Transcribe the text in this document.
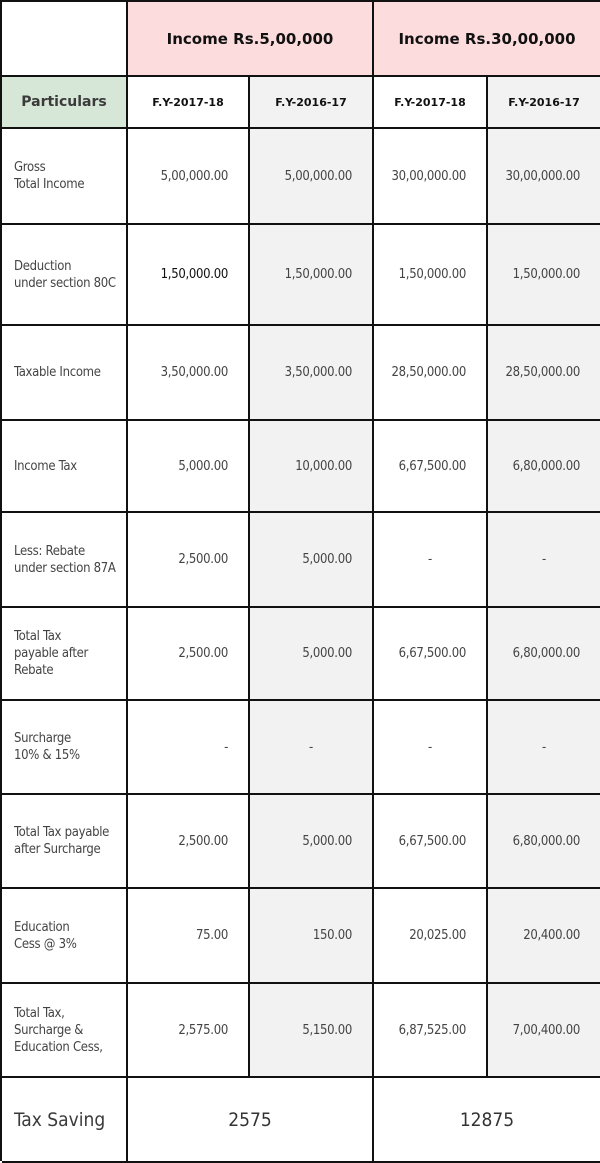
Income Rs.5,00,000	Income Rs.30,00,000
Particulars	F.Y-2017-18	F.Y-2016-17	F.Y-2017-18	F.Y-2016-17
Gross
Total Income
5,00,000.00	5,00,000.00	30,00,000.00	30,00,000.00
Deduction
under section 80C
1,50,000.00	1,50,000.00	1,50,000.00	1,50,000.00
Taxable Income	3,50,000.00	3,50,000.00	28,50,000.00	28,50,000.00
Income Tax	5,000.00	10,000.00	6,67,500.00	6,80,000.00
Less: Rebate
under section 87A
2,500.00	5,000.00	-	-
Total Tax
payable after
Rebate
2,500.00	5,000.00	6,67,500.00	6,80,000.00
Surcharge
10% & 15%
-	-	-	-
Total Tax payable
after Surcharge
2,500.00	5,000.00	6,67,500.00	6,80,000.00
Education
Cess @ 3%
75.00	150.00	20,025.00	20,400.00
Total Tax,
Surcharge &
Education Cess,
2,575.00	5,150.00	6,87,525.00	7,00,400.00
Tax Saving	2575	12875
